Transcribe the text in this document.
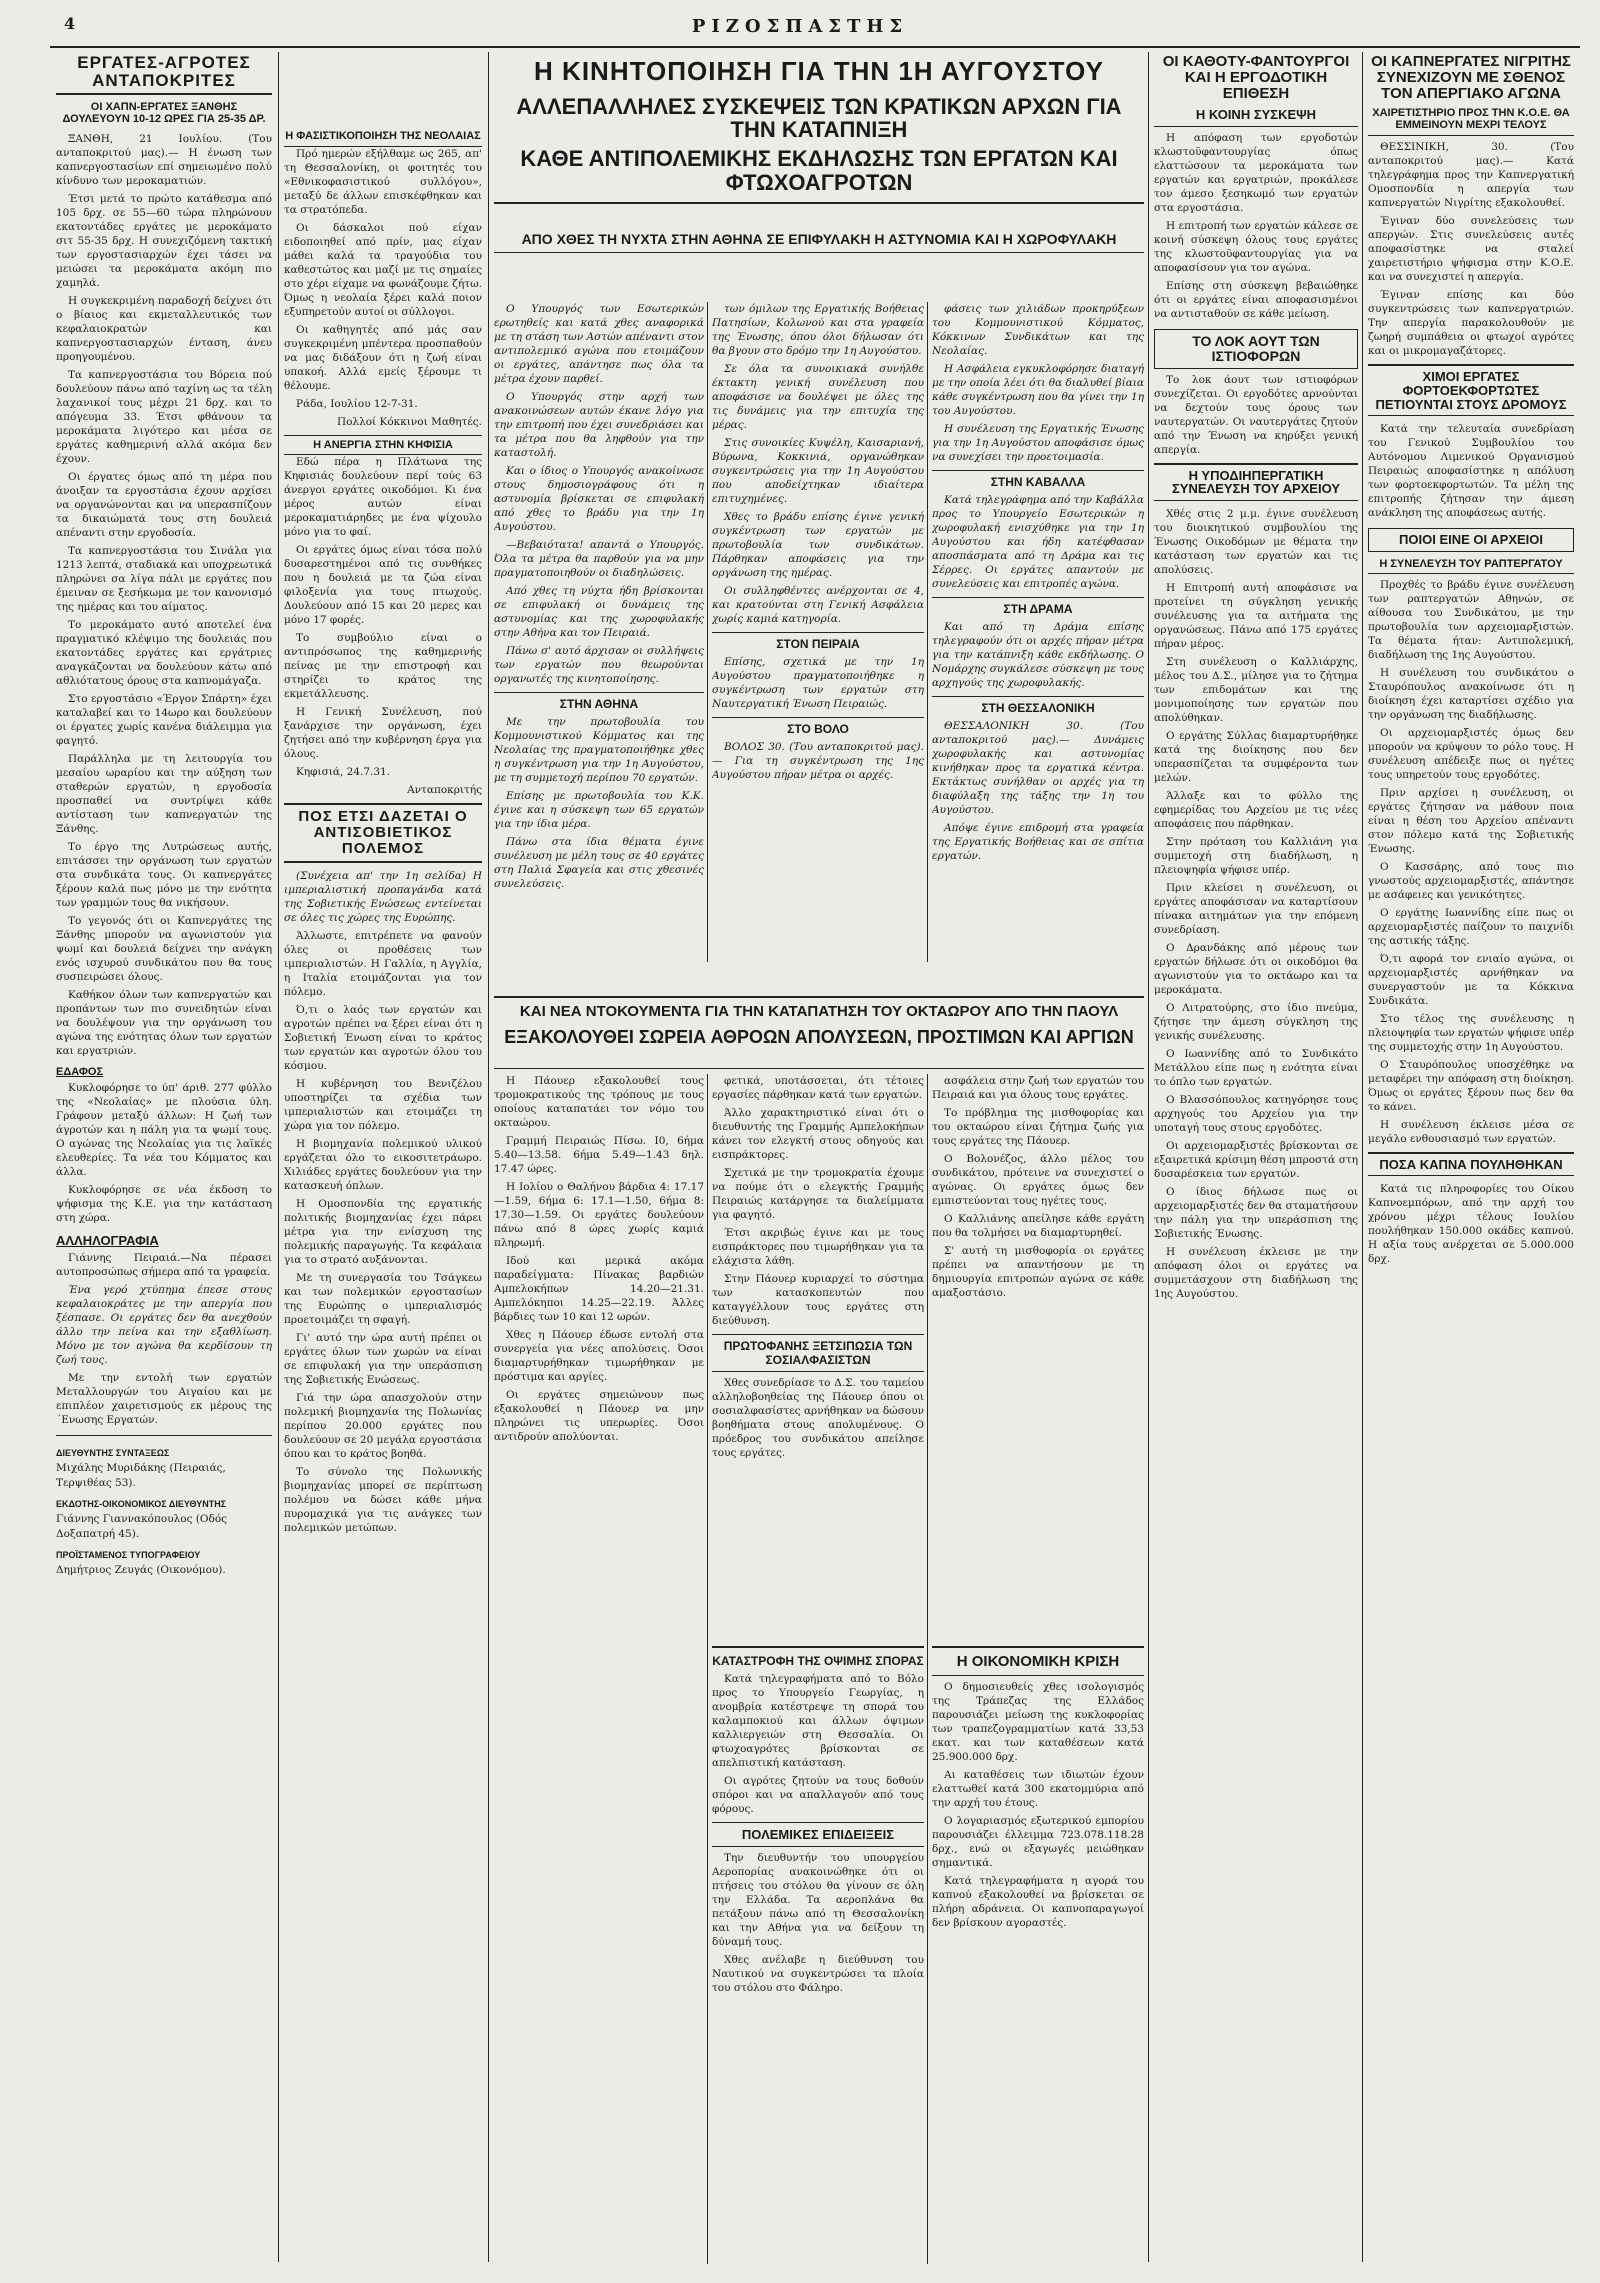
4	ΡΙΖΟΣΠΑΣΤΗΣ
ΕΡΓΑΤΕΣ-ΑΓΡΟΤΕΣ ΑΝΤΑΠΟΚΡΙΤΕΣ
ΟΙ ΧΑΠΝ-ΕΡΓΑΤΕΣ ΞΑΝΘΗΣ ΔΟΥΛΕΥΟΥΝ 10-12 ΩΡΕΣ ΓΙΑ 25-35 ΔΡ.

ΞΑΝΘΗ, 21 Ιουλίου. (Του ανταποκριτού μας).— Η ένωση των καπνεργοστασίων επί σημειωμένο πολύ κίνδυνο των μεροκαματιών.

Έτσι μετά το πρώτο κατάθεσμα από 105 δρχ. σε 55—60 τώρα πληρώνουν εκατοντάδες εργάτες με μεροκάματο σιτ 55-35 δρχ. Η συνεχιζόμενη τακτική των εργοστασιαρχών έχει τάσει να μειώσει τα μεροκάματα ακόμη πιο χαμηλά.

Η συγκεκριμένη παραδοχή δείχνει ότι ο βίαιος και εκμεταλλευτικός των κεφαλαιοκρατών και καπνεργοστασιαρχών ένταση, άνευ προηγουμένου.

Τα καπνεργοστάσια του Βόρεια πού δουλεύουν πάνω από ταχίνη ως τα τέλη λαχανικοί τους μέχρι 21 δρχ. και το απόγευμα 33. Έτσι φθάνουν τα μεροκάματα λιγότερο και μέσα σε εργάτες καθημερινή αλλά ακόμα δεν έχουν.

Οι έργατες όμως από τη μέρα που άνοιξαν τα εργοστάσια έχουν αρχίσει να οργανώνονται και να υπερασπίζουν τα δικαιώματά τους στη δουλειά απέναντι στην εργοδοσία.

Τα καπνεργοστάσια του Σινάλα για 1213 λεπτά, σταδιακά και υποχρεωτικά πληρώνει σα λίγα πάλι με εργάτες που έμειναν σε ξεσήκωμα με τον κανονισμό της ημέρας και του αίματος.

Το μεροκάματο αυτό αποτελεί ένα πραγματικό κλέψιμο της δουλειάς που εκατοντάδες εργάτες και εργάτριες αναγκάζονται να δουλεύουν κάτω από αθλιότατους όρους στα καπνομάγαζα.

Στο εργοστάσιο «Έργον Σπάρτη» έχει καταλαβεί και το 14ωρο και δουλεύουν οι έργατες χωρίς κανένα διάλειμμα για φαγητό.

Παράλληλα με τη λειτουργία του μεσαίου ωραρίου και την αύξηση των σταθερών εργατών, η εργοδοσία προσπαθεί να συντρίψει κάθε αντίσταση των καπνεργατών της Ξάνθης.

Το έργο της Λυτρώσεως αυτής, επιτάσσει την οργάνωση των εργατών στα συνδικάτα τους. Οι καπνεργάτες ξέρουν καλά πως μόνο με την ενότητα των γραμμών τους θα νικήσουν.

Το γεγονός ότι οι Καπνεργάτες της Ξάνθης μπορούν να αγωνιστούν για ψωμί και δουλειά δείχνει την ανάγκη ενός ισχυρού συνδικάτου που θα τους συσπειρώσει όλους.

Καθήκον όλων των καπνεργατών και προπάντων των πιο συνειδητών είναι να δουλέψουν για την οργάνωση του αγώνα της ενότητας όλων των εργατών και εργατριών.

ΕΔΑΦΟΣ

Κυκλοφόρησε το ύπ' άριθ. 277 φύλλο της «Νεολαίας» με πλούσια ύλη. Γράφουν μεταξύ άλλων: Η ζωή των άγροτών και η πάλη για τα ψωμί τους. Ο αγώνας της Νεολαίας για τις λαϊκές ελευθερίες. Τα νέα του Κόμματος και άλλα.

Κυκλοφόρησε σε νέα έκδοση το ψήφισμα της Κ.Ε. για την κατάσταση στη χώρα.

ΑΛΛΗΛΟΓΡΑΦΙΑ

Γιάννης Πειραιά.—Να πέρασει αυτοπροσώπως σήμερα από τα γραφεία.

Ένα γερό χτύπημα έπεσε στους κεφαλαιοκράτες με την απεργία που ξέσπασε. Οι εργάτες δεν θα ανεχθούν άλλο την πείνα και την εξαθλίωση. Μόνο με τον αγώνα θα κερδίσουν τη ζωή τους.

Με την εντολή των εργατών Μεταλλουργών του Αιγαίου και με επιπλέον χαιρετισμούς εκ μέρους της ΄Ενωσης Εργατών.

ΔΙΕΥΘΥΝΤΗΣ ΣΥΝΤΑΞΕΩΣ
Μιχάλης Μυριδάκης (Πειραιάς, Τερψιθέας 53).
ΕΚΔΟΤΗΣ-ΟΙΚΟΝΟΜΙΚΟΣ ΔΙΕΥΘΥΝΤΗΣ
Γιάννης Γιαννακόπουλος (Οδός Δοξαπατρή 45).
ΠΡΟΪΣΤΑΜΕΝΟΣ ΤΥΠΟΓΡΑΦΕΙΟΥ
Δημήτριος Ζευγάς (Οικονόμου).
Η ΦΑΣΙΣΤΙΚΟΠΟΙΗΣΗ ΤΗΣ ΝΕΟΛΑΙΑΣ

Πρό ημερών εξήλθαμε ως 265, απ' τη Θεσσαλονίκη, οι φοιτητές του «Εθνικοφασιστικού συλλόγου», μεταξύ δε άλλων επισκέφθηκαν και τα στρατόπεδα.

Οι δάσκαλοι πού είχαν ειδοποιηθεί από πρίν, μας είχαν μάθει καλά τα τραγούδια του καθεστώτος και μαζί με τις σημαίες στο χέρι είχαμε να φωνάζουμε ζήτω. Όμως η νεολαία ξέρει καλά ποιον εξυπηρετούν αυτοί οι σύλλογοι.

Οι καθηγητές από μάς σαν συγκεκριμένη μπέντερα προσπαθούν να μας διδάξουν ότι η ζωή είναι υπακοή. Αλλά εμείς ξέρουμε τι θέλουμε.

Ράδα, Ιουλίου 12-7-31.

Πολλοί Κόκκινοι Μαθητές.

Η ΑΝΕΡΓΙΑ ΣΤΗΝ ΚΗΦΙΣΙΑ

Εδώ πέρα η Πλάτωνα της Κηφισιάς δουλεύουν περί τούς 63 άνεργοι εργάτες οικοδόμοι. Κι ένα μέρος αυτών είναι μεροκαματιάρηδες με ένα ψίχουλο μόνο για το φαί.

Οι εργάτες όμως είναι τόσα πολύ δυσαρεστημένοι από τις συνθήκες που η δουλειά με τα ζώα είναι φιλοξενία για τους πτωχούς. Δουλεύουν από 15 και 20 μερες και μόνο 17 φορές.

Το συμβούλιο είναι ο αντιπρόσωπος της καθημερινής πείνας με την επιστροφή και στηρίζει το κράτος της εκμετάλλευσης.

Η Γενική Συνέλευση, πού ξανάρχισε την οργάνωση, έχει ζητήσει από την κυβέρνηση έργα για όλους.

Κηφισιά, 24.7.31.

Ανταποκριτής

ΠΟΣ ΕΤΣΙ ΔΑΖΕΤΑΙ Ο ΑΝΤΙΣΟΒΙΕΤΙΚΟΣ ΠΟΛΕΜΟΣ

(Συνέχεια απ' την 1η σελίδα) Η ιμπεριαλιστική προπαγάνδα κατά της Σοβιετικής Ενώσεως εντείνεται σε όλες τις χώρες της Ευρώπης.

Άλλωστε, επιτρέπετε να φανούν όλες οι προθέσεις των ιμπεριαλιστών. Η Γαλλία, η Αγγλία, η Ιταλία ετοιμάζονται για τον πόλεμο.

Ό,τι ο λαός των εργατών και αγροτών πρέπει να ξέρει είναι ότι η Σοβιετική Ένωση είναι το κράτος των εργατών και αγροτών όλου του κόσμου.

Η κυβέρνηση του Βενιζέλου υποστηρίζει τα σχέδια των ιμπεριαλιστών και ετοιμάζει τη χώρα για τον πόλεμο.

Η βιομηχανία πολεμικού υλικού εργάζεται όλο το εικοσιτετράωρο. Χιλιάδες εργάτες δουλεύουν για την κατασκευή όπλων.

Η Ομοσπονδία της εργατικής πολιτικής βιομηχανίας έχει πάρει μέτρα για την ενίσχυση της πολεμικής παραγωγής. Τα κεφάλαια για το στρατό αυξάνονται.

Με τη συνεργασία του Τσάγκεω και των πολεμικών εργοστασίων της Ευρώπης ο ιμπεριαλισμός προετοιμάζει τη σφαγή.

Γι' αυτό την ώρα αυτή πρέπει οι εργάτες όλων των χωρών να είναι σε επιφυλακή για την υπεράσπιση της Σοβιετικής Ενώσεως.

Γιά την ώρα απασχολούν στην πολεμική βιομηχανία της Πολωνίας περίπου 20.000 εργάτες που δουλεύουν σε 20 μεγάλα εργοστάσια όπου και το κράτος βοηθά.

Το σύνολο της Πολωνικής βιομηχανίας μπορεί σε περίπτωση πολέμου να δώσει κάθε μήνα πυρομαχικά για τις ανάγκες των πολεμικών μετώπων.

Η ΚΙΝΗΤΟΠΟΙΗΣΗ ΓΙΑ ΤΗΝ 1Η ΑΥΓΟΥΣΤΟΥ
ΑΛΛΕΠΑΛΛΗΛΕΣ ΣΥΣΚΕΨΕΙΣ ΤΩΝ ΚΡΑΤΙΚΩΝ ΑΡΧΩΝ ΓΙΑ ΤΗΝ ΚΑΤΑΠΝΙΞΗ
ΚΑΘΕ ΑΝΤΙΠΟΛΕΜΙΚΗΣ ΕΚΔΗΛΩΣΗΣ ΤΩΝ ΕΡΓΑΤΩΝ ΚΑΙ ΦΤΩΧΟΑΓΡΟΤΩΝ
ΑΠΟ ΧΘΕΣ ΤΗ ΝΥΧΤΑ ΣΤΗΝ ΑΘΗΝΑ ΣΕ ΕΠΙΦΥΛΑΚΗ Η ΑΣΤΥΝΟΜΙΑ ΚΑΙ Η ΧΩΡΟΦΥΛΑΚΗ

Ο Υπουργός των Εσωτερικών ερωτηθείς και κατά χθες αναφορικά με τη στάση των Αστών απέναντι στον αντιπολεμικό αγώνα που ετοιμάζουν οι εργάτες, απάντησε πως όλα τα μέτρα έχουν παρθεί.

Ο Υπουργός στην αρχή των ανακοινώσεων αυτών έκανε λόγο για την επιτροπή που έχει συνεδριάσει και τα μέτρα που θα ληφθούν για την καταστολή.

Και ο ίδιος ο Υπουργός ανακοίνωσε στους δημοσιογράφους ότι η αστυνομία βρίσκεται σε επιφυλακή από χθες το βράδυ για την 1η Αυγούστου.

—Βεβαιότατα! απαντά ο Υπουργός. Όλα τα μέτρα θα παρθούν για να μην πραγματοποιηθούν οι διαδηλώσεις.

Από χθες τη νύχτα ήδη βρίσκονται σε επιφυλακή οι δυνάμεις της αστυνομίας και της χωροφυλακής στην Αθήνα και τον Πειραιά.

Πάνω σ' αυτό άρχισαν οι συλλήψεις των εργατών που θεωρούνται οργανωτές της κινητοποίησης.

ΣΤΗΝ ΑΘΗΝΑ

Με την πρωτοβουλία του Κομμουνιστικού Κόμματος και της Νεολαίας της πραγματοποιήθηκε χθες η συγκέντρωση για την 1η Αυγούστου, με τη συμμετοχή περίπου 70 εργατών.

Επίσης με πρωτοβουλία του Κ.Κ. έγινε και η σύσκεψη των 65 εργατών για την ίδια μέρα.

Πάνω στα ίδια θέματα έγινε συνέλευση με μέλη τους σε 40 εργάτες στη Παλιά Σφαγεία και στις χθεσινές συνελεύσεις.

των όμιλων της Εργατικής Βοήθειας Πατησίων, Κολωνού και στα γραφεία της Ένωσης, όπου όλοι δήλωσαν ότι θα βγουν στο δρόμο την 1η Αυγούστου.

Σε όλα τα συνοικιακά συνήλθε έκτακτη γενική συνέλευση που αποφάσισε να δουλέψει με όλες της τις δυνάμεις για την επιτυχία της μέρας.

Στις συνοικίες Κυψέλη, Καισαριανή, Βύρωνα, Κοκκινιά, οργανώθηκαν συγκεντρώσεις για την 1η Αυγούστου που αποδείχτηκαν ιδιαίτερα επιτυχημένες.

Χθες το βράδυ επίσης έγινε γενική συγκέντρωση των εργατών με πρωτοβουλία των συνδικάτων. Πάρθηκαν αποφάσεις για την οργάνωση της ημέρας.

Οι συλληφθέντες ανέρχονται σε 4, και κρατούνται στη Γενική Ασφάλεια χωρίς καμιά κατηγορία.

ΣΤΟΝ ΠΕΙΡΑΙΑ

Επίσης, σχετικά με την 1η Αυγούστου πραγματοποιήθηκε η συγκέντρωση των εργατών στη Ναυτεργατική Ένωση Πειραιώς.

ΣΤΟ ΒΟΛΟ

ΒΟΛΟΣ 30. (Του ανταποκριτού μας).— Για τη συγκέντρωση της 1ης Αυγούστου πήραν μέτρα οι αρχές.

φάσεις των χιλιάδων προκηρύξεων του Κομμουνιστικού Κόμματος, Κόκκινων Συνδικάτων και της Νεολαίας.

Η Ασφάλεια εγκυκλοφόρησε διαταγή με την οποία λέει ότι θα διαλυθεί βίαια κάθε συγκέντρωση που θα γίνει την 1η του Αυγούστου.

Η συνέλευση της Εργατικής Ένωσης για την 1η Αυγούστου αποφάσισε όμως να συνεχίσει την προετοιμασία.

ΣΤΗΝ ΚΑΒΑΛΛΑ

Κατά τηλεγράφημα από την Καβάλλα προς το Υπουργείο Εσωτερικών η χωροφυλακή ενισχύθηκε για την 1η Αυγούστου και ήδη κατέφθασαν αποσπάσματα από τη Δράμα και τις Σέρρες. Οι εργάτες απαντούν με συνελεύσεις και επιτροπές αγώνα.

ΣΤΗ ΔΡΑΜΑ

Και από τη Δράμα επίσης τηλεγραφούν ότι οι αρχές πήραν μέτρα για την κατάπνιξη κάθε εκδήλωσης. Ο Νομάρχης συγκάλεσε σύσκεψη με τους αρχηγούς της χωροφυλακής.

ΣΤΗ ΘΕΣΣΑΛΟΝΙΚΗ

ΘΕΣΣΑΛΟΝΙΚΗ 30. (Του ανταποκριτού μας).— Δυνάμεις χωροφυλακής και αστυνομίας κινήθηκαν προς τα εργατικά κέντρα. Εκτάκτως συνήλθαν οι αρχές για τη διαφύλαξη της τάξης την 1η του Αυγούστου.

Απόψε έγινε επιδρομή στα γραφεία της Εργατικής Βοήθειας και σε σπίτια εργατών.

ΚΑΙ ΝΕΑ ΝΤΟΚΟΥΜΕΝΤΑ ΓΙΑ ΤΗΝ ΚΑΤΑΠΑΤΗΣΗ ΤΟΥ ΟΚΤΑΩΡΟΥ ΑΠΟ ΤΗΝ ΠΑΟΥΛ
ΕΞΑΚΟΛΟΥΘΕΙ ΣΩΡΕΙΑ ΑΘΡΟΩΝ ΑΠΟΛΥΣΕΩΝ, ΠΡΟΣΤΙΜΩΝ ΚΑΙ ΑΡΓΙΩΝ

Η Πάουερ εξακολουθεί τους τρομοκρατικούς της τρόπους με τους οποίους καταπατάει τον νόμο του οκταώρου.

Γραμμή Πειραιώς Πίσω. Ι0, 6ήμα 5.40—13.58. 6ήμα 5.49—1.43 δηλ. 17.47 ώρες.

Η Ιολίου ο Θαλήνου βάρδια 4: 17.17—1.59, 6ήμα 6: 17.1—1.50, 6ήμα 8: 17.30—1.59. Οι εργάτες δουλεύουν πάνω από 8 ώρες χωρίς καμιά πληρωμή.

Ιδού και μερικά ακόμα παραδείγματα: Πίνακας βαρδιών Αμπελοκήπων 14.20—21.31. Αμπελόκηποι 14.25—22.19. Άλλες βάρδιες των 10 και 12 ωρών.

Χθες η Πάουερ έδωσε εντολή στα συνεργεία για νέες απολύσεις. Όσοι διαμαρτυρήθηκαν τιμωρήθηκαν με πρόστιμα και αργίες.

Οι εργάτες σημειώνουν πως εξακολουθεί η Πάουερ να μην πληρώνει τις υπερωρίες. Όσοι αντιδρούν απολύονται.

φετικά, υποτάσσεται, ότι τέτοιες εργασίες πάρθηκαν κατά των εργατών.

Άλλο χαρακτηριστικό είναι ότι ο διευθυντής της Γραμμής Αμπελοκήπων κάνει τον ελεγκτή στους οδηγούς και εισπράκτορες.

Σχετικά με την τρομοκρατία έχουμε να πούμε ότι ο ελεγκτής Γραμμής Πειραιώς κατάργησε τα διαλείμματα για φαγητό.

Έτσι ακριβώς έγινε και με τους εισπράκτορες που τιμωρήθηκαν για τα ελάχιστα λάθη.

Στην Πάουερ κυριαρχεί το σύστημα των κατασκοπευτών που καταγγέλλουν τους εργάτες στη διεύθυνση.

ΠΡΩΤΟΦΑΝΗΣ ΞΕΤΣΙΠΩΣΙΑ ΤΩΝ ΣΟΣΙΑΛΦΑΣΙΣΤΩΝ

Χθες συνεδρίασε το Δ.Σ. του ταμείου αλληλοβοηθείας της Πάουερ όπου οι σοσιαλφασίστες αρνήθηκαν να δώσουν βοηθήματα στους απολυμένους. Ο πρόεδρος του συνδικάτου απείλησε τους εργάτες.

ασφάλεια στην ζωή των εργατών του Πειραιά και για όλους τους εργάτες.

Το πρόβλημα της μισθοφορίας και του οκταώρου είναι ζήτημα ζωής για τους εργάτες της Πάουερ.

Ο Βολονέζος, άλλο μέλος του συνδικάτου, πρότεινε να συνεχιστεί ο αγώνας. Οι εργάτες όμως δεν εμπιστεύονται τους ηγέτες τους.

Ο Καλλιάνης απείλησε κάθε εργάτη που θα τολμήσει να διαμαρτυρηθεί.

Σ' αυτή τη μισθοφορία οι εργάτες πρέπει να απαντήσουν με τη δημιουργία επιτροπών αγώνα σε κάθε αμαξοστάσιο.

ΚΑΤΑΣΤΡΟΦΗ ΤΗΣ ΟΨΙΜΗΣ ΣΠΟΡΑΣ

Κατά τηλεγραφήματα από το Βόλο προς το Υπουργείο Γεωργίας, η ανομβρία κατέστρεψε τη σπορά του καλαμποκιού και άλλων όψιμων καλλιεργειών στη Θεσσαλία. Οι φτωχοαγρότες βρίσκονται σε απελπιστική κατάσταση.

Οι αγρότες ζητούν να τους δοθούν σπόροι και να απαλλαγούν από τους φόρους.

ΠΟΛΕΜΙΚΕΣ ΕΠΙΔΕΙΞΕΙΣ

Την διευθυντήν του υπουργείου Αεροπορίας ανακοινώθηκε ότι οι πτήσεις του στόλου θα γίνουν σε όλη την Ελλάδα. Τα αεροπλάνα θα πετάξουν πάνω από τη Θεσσαλονίκη και την Αθήνα για να δείξουν τη δύναμή τους.

Χθες ανέλαβε η διεύθυνση του Ναυτικού να συγκεντρώσει τα πλοία του στόλου στο Φάληρο.

Η ΟΙΚΟΝΟΜΙΚΗ ΚΡΙΣΗ

Ο δημοσιευθείς χθες ισολογισμός της Τράπεζας της Ελλάδος παρουσιάζει μείωση της κυκλοφορίας των τραπεζογραμματίων κατά 33,53 εκατ. και των καταθέσεων κατά 25.900.000 δρχ.

Αι καταθέσεις των ιδιωτών έχουν ελαττωθεί κατά 300 εκατομμύρια από την αρχή του έτους.

Ο λογαριασμός εξωτερικού εμπορίου παρουσιάζει έλλειμμα 723.078.118.28 δρχ., ενώ οι εξαγωγές μειώθηκαν σημαντικά.

Κατά τηλεγραφήματα η αγορά του καπνού εξακολουθεί να βρίσκεται σε πλήρη αδράνεια. Οι καπνοπαραγωγοί δεν βρίσκουν αγοραστές.

ΟΙ ΚΑΘΟΤΥ-ΦΑΝΤΟΥΡΓΟΙ ΚΑΙ Η ΕΡΓΟΔΟΤΙΚΗ ΕΠΙΘΕΣΗ
Η ΚΟΙΝΗ ΣΥΣΚΕΨΗ

Η απόφαση των εργοδοτών κλωστοϋφαντουργίας όπως ελαττώσουν τα μεροκάματα των εργατών και εργατριών, προκάλεσε τον άμεσο ξεσηκωμό των εργατών στα εργοστάσια.

Η επιτροπή των εργατών κάλεσε σε κοινή σύσκεψη όλους τους εργάτες της κλωστοϋφαντουργίας για να αποφασίσουν για τον αγώνα.

Επίσης στη σύσκεψη βεβαιώθηκε ότι οι εργάτες είναι αποφασισμένοι να αντισταθούν σε κάθε μείωση.

ΤΟ ΛΟΚ ΑΟΥΤ ΤΩΝ ΙΣΤΙΟΦΟΡΩΝ

Το λοκ άουτ των ιστιοφόρων συνεχίζεται. Οι εργοδότες αρνούνται να δεχτούν τους όρους των ναυτεργατών. Οι ναυτεργάτες ζητούν από την Ένωση να κηρύξει γενική απεργία.

Η ΥΠΟΔΙΗΠΕΡΓΑΤΙΚΗ ΣΥΝΕΛΕΥΣΗ ΤΟΥ ΑΡΧΕΙΟΥ

Χθές στις 2 μ.μ. έγινε συνέλευση του διοικητικού συμβουλίου της Ένωσης Οικοδόμων με θέματα την κατάσταση των εργατών και τις απολύσεις.

Η Επιτροπή αυτή αποφάσισε να προτείνει τη σύγκληση γενικής συνέλευσης για τα αιτήματα της οργανώσεως. Πάνω από 175 εργάτες πήραν μέρος.

Στη συνέλευση ο Καλλιάρχης, μέλος του Δ.Σ., μίλησε για το ζήτημα των επιδομάτων και της μονιμοποίησης των εργατών που απολύθηκαν.

Ο εργάτης Σύλλας διαμαρτυρήθηκε κατά της διοίκησης που δεν υπερασπίζεται τα συμφέροντα των μελών.

Άλλαξε και το φύλλο της εφημερίδας του Αρχείου με τις νέες αποφάσεις που πάρθηκαν.

Στην πρόταση του Καλλιάνη για συμμετοχή στη διαδήλωση, η πλειοψηφία ψήφισε υπέρ.

Πριν κλείσει η συνέλευση, οι εργάτες αποφάσισαν να καταρτίσουν πίνακα αιτημάτων για την επόμενη συνεδρίαση.

Ο Δρανδάκης από μέρους των εργατών δήλωσε ότι οι οικοδόμοι θα αγωνιστούν για το οκτάωρο και τα μεροκάματα.

Ο Λιτρατούρης, στο ίδιο πνεύμα, ζήτησε την άμεση σύγκληση της γενικής συνέλευσης.

Ο Ιωαννίδης από το Συνδικάτο Μετάλλου είπε πως η ενότητα είναι το όπλο των εργατών.

Ο Βλασσόπουλος κατηγόρησε τους αρχηγούς του Αρχείου για την υποταγή τους στους εργοδότες.

Οι αρχειομαρξιστές βρίσκονται σε εξαιρετικά κρίσιμη θέση μπροστά στη δυσαρέσκεια των εργατών.

Ο ίδιος δήλωσε πως οι αρχειομαρξιστές δεν θα σταματήσουν την πάλη για την υπεράσπιση της Σοβιετικής Ένωσης.

Η συνέλευση έκλεισε με την απόφαση όλοι οι εργάτες να συμμετάσχουν στη διαδήλωση της 1ης Αυγούστου.

ΟΙ ΚΑΠΝΕΡΓΑΤΕΣ ΝΙΓΡΙΤΗΣ ΣΥΝΕΧΙΖΟΥΝ ΜΕ ΣΘΕΝΟΣ ΤΟΝ ΑΠΕΡΓΙΑΚΟ ΑΓΩΝΑ
ΧΑΙΡΕΤΙΣΤΗΡΙΟ ΠΡΟΣ ΤΗΝ Κ.Ο.Ε. ΘΑ ΕΜΜΕΙΝΟΥΝ ΜΕΧΡΙ ΤΕΛΟΥΣ

ΘΕΣΣΙΝΙΚΗ, 30. (Του ανταποκριτού μας).— Κατά τηλεγράφημα προς την Καπνεργατική Ομοσπονδία η απεργία των καπνεργατών Νιγρίτης εξακολουθεί.

Έγιναν δύο συνελεύσεις των απεργών. Στις συνελεύσεις αυτές αποφασίστηκε να σταλεί χαιρετιστήριο ψήφισμα στην Κ.Ο.Ε. και να συνεχιστεί η απεργία.

Έγιναν επίσης και δύο συγκεντρώσεις των καπνεργατριών. Την απεργία παρακολουθούν με ζωηρή συμπάθεια οι φτωχοί αγρότες και οι μικρομαγαζάτορες.

ΧΙΜΟΙ ΕΡΓΑΤΕΣ ΦΟΡΤΟΕΚΦΟΡΤΩΤΕΣ ΠΕΤΙΟΥΝΤΑΙ ΣΤΟΥΣ ΔΡΟΜΟΥΣ

Κατά την τελευταία συνεδρίαση του Γενικού Συμβουλίου του Αυτόνομου Λιμενικού Οργανισμού Πειραιώς αποφασίστηκε η απόλυση των φορτοεκφορτωτών. Τα μέλη της επιτροπής ζήτησαν την άμεση ανάκληση της αποφάσεως αυτής.

ΠΟΙΟΙ ΕΙΝΕ ΟΙ ΑΡΧΕΙΟΙ
Η ΣΥΝΕΛΕΥΣΗ ΤΟΥ ΡΑΠΤΕΡΓΑΤΟΥ

Προχθές το βράδυ έγινε συνέλευση των ραπτεργατών Αθηνών, σε αίθουσα του Συνδικάτου, με την πρωτοβουλία των αρχειομαρξιστών. Τα θέματα ήταν: Αντιπολεμική, διαδήλωση της 1ης Αυγούστου.

Η συνέλευση του συνδικάτου ο Σταυρόπουλος ανακοίνωσε ότι η διοίκηση έχει καταρτίσει σχέδιο για την οργάνωση της διαδήλωσης.

Οι αρχειομαρξιστές όμως δεν μπορούν να κρύψουν το ρόλο τους. Η συνέλευση απέδειξε πως οι ηγέτες τους υπηρετούν τους εργοδότες.

Πριν αρχίσει η συνέλευση, οι εργάτες ζήτησαν να μάθουν ποια είναι η θέση του Αρχείου απέναντι στον πόλεμο κατά της Σοβιετικής Ένωσης.

Ο Κασσάρης, από τους πιο γνωστούς αρχειομαρξιστές, απάντησε με ασάφειες και γενικότητες.

Ο εργάτης Ιωαννίδης είπε πως οι αρχειομαρξιστές παίζουν το παιχνίδι της αστικής τάξης.

Ό,τι αφορά τον ενιαίο αγώνα, οι αρχειομαρξιστές αρνήθηκαν να συνεργαστούν με τα Κόκκινα Συνδικάτα.

Στο τέλος της συνέλευσης η πλειοψηφία των εργατών ψήφισε υπέρ της συμμετοχής στην 1η Αυγούστου.

Ο Σταυρόπουλος υποσχέθηκε να μεταφέρει την απόφαση στη διοίκηση. Όμως οι εργάτες ξέρουν πως δεν θα το κάνει.

Η συνέλευση έκλεισε μέσα σε μεγάλο ενθουσιασμό των εργατών.

ΠΟΣΑ ΚΑΠΝΑ ΠΟΥΛΗΘΗΚΑΝ

Κατά τις πληροφορίες του Οίκου Καπνοεμπόρων, από την αρχή του χρόνου μέχρι τέλους Ιουλίου πουλήθηκαν 150.000 οκάδες καπνού. Η αξία τους ανέρχεται σε 5.000.000 δρχ.
